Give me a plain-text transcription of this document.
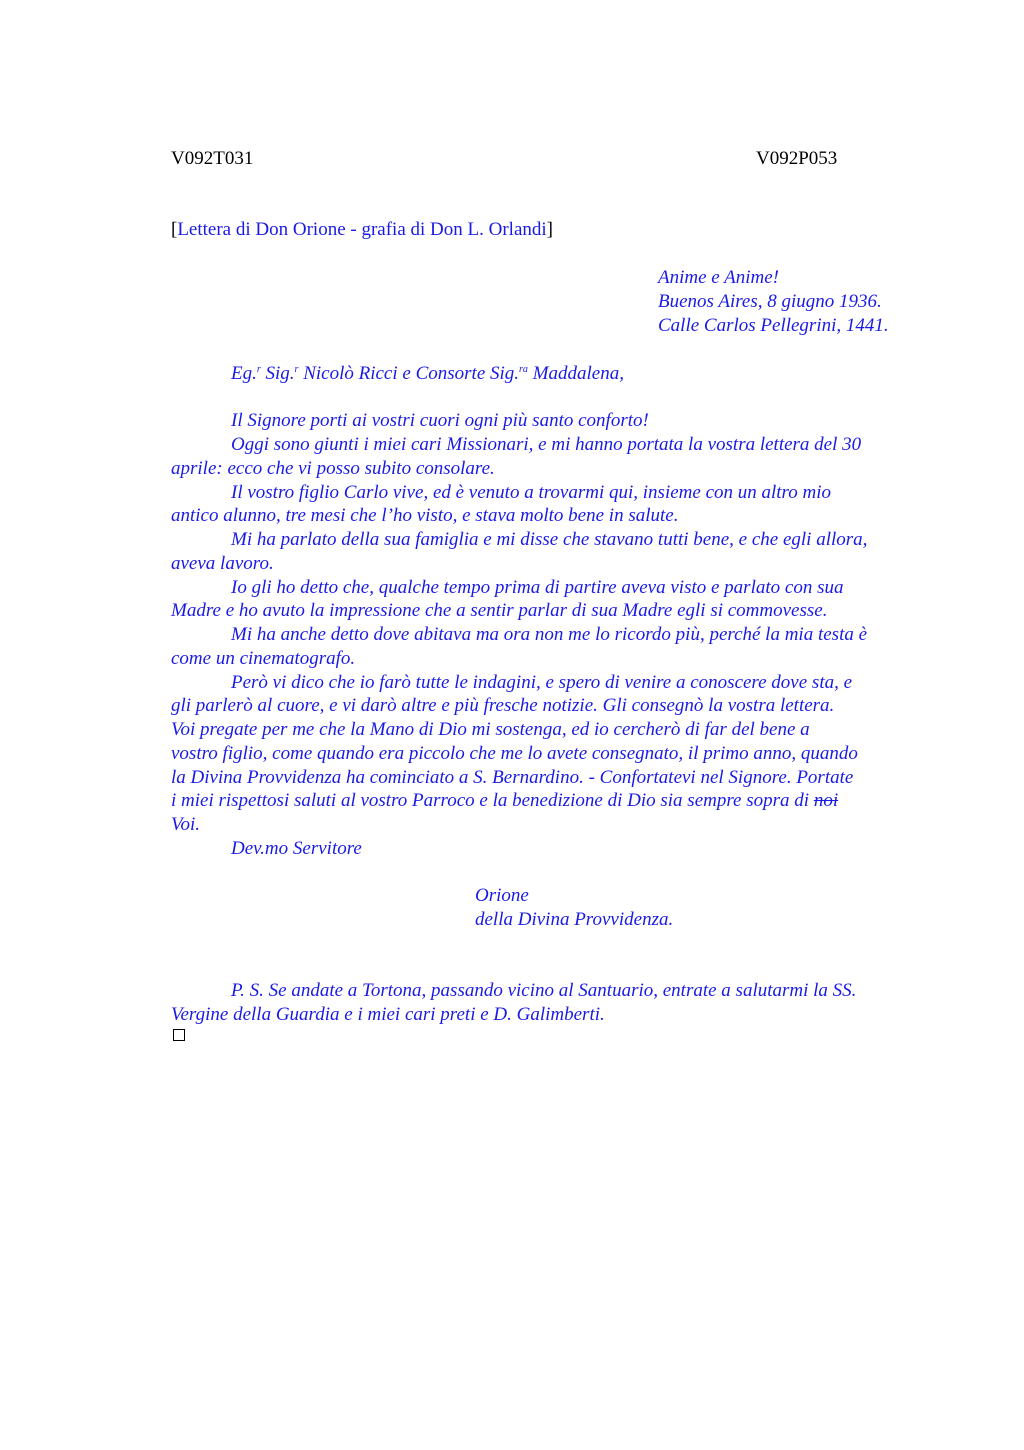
V092T031	V092P053
[Lettera di Don Orione - grafia di Don L. Orlandi]
Anime e Anime!
Buenos Aires, 8 giugno 1936.
Calle Carlos Pellegrini, 1441.
Eg.$^r$ Sig.$^r$ Nicolò Ricci e Consorte Sig.$^{ra}$ Maddalena,
Il Signore porti ai vostri cuori ogni più santo conforto!
Oggi sono giunti i miei cari Missionari, e mi hanno portata la vostra lettera del 30
aprile: ecco che vi posso subito consolare.
Il vostro figlio Carlo vive, ed è venuto a trovarmi qui, insieme con un altro mio
antico alunno, tre mesi che l’ho visto, e stava molto bene in salute.
Mi ha parlato della sua famiglia e mi disse che stavano tutti bene, e che egli allora,
aveva lavoro.
Io gli ho detto che, qualche tempo prima di partire aveva visto e parlato con sua
Madre e ho avuto la impressione che a sentir parlar di sua Madre egli si commovesse.
Mi ha anche detto dove abitava ma ora non me lo ricordo più, perché la mia testa è
come un cinematografo.
Però vi dico che io farò tutte le indagini, e spero di venire a conoscere dove sta, e
gli parlerò al cuore, e vi darò altre e più fresche notizie. Gli consegnò la vostra lettera.
Voi pregate per me che la Mano di Dio mi sostenga, ed io cercherò di far del bene a
vostro figlio, come quando era piccolo che me lo avete consegnato, il primo anno, quando
la Divina Provvidenza ha cominciato a S. Bernardino. - Confortatevi nel Signore. Portate
i miei rispettosi saluti al vostro Parroco e la benedizione di Dio sia sempre sopra di noi
Voi.
Dev.mo Servitore
Orione
della Divina Provvidenza.
P. S. Se andate a Tortona, passando vicino al Santuario, entrate a salutarmi la SS.
Vergine della Guardia e i miei cari preti e D. Galimberti.
